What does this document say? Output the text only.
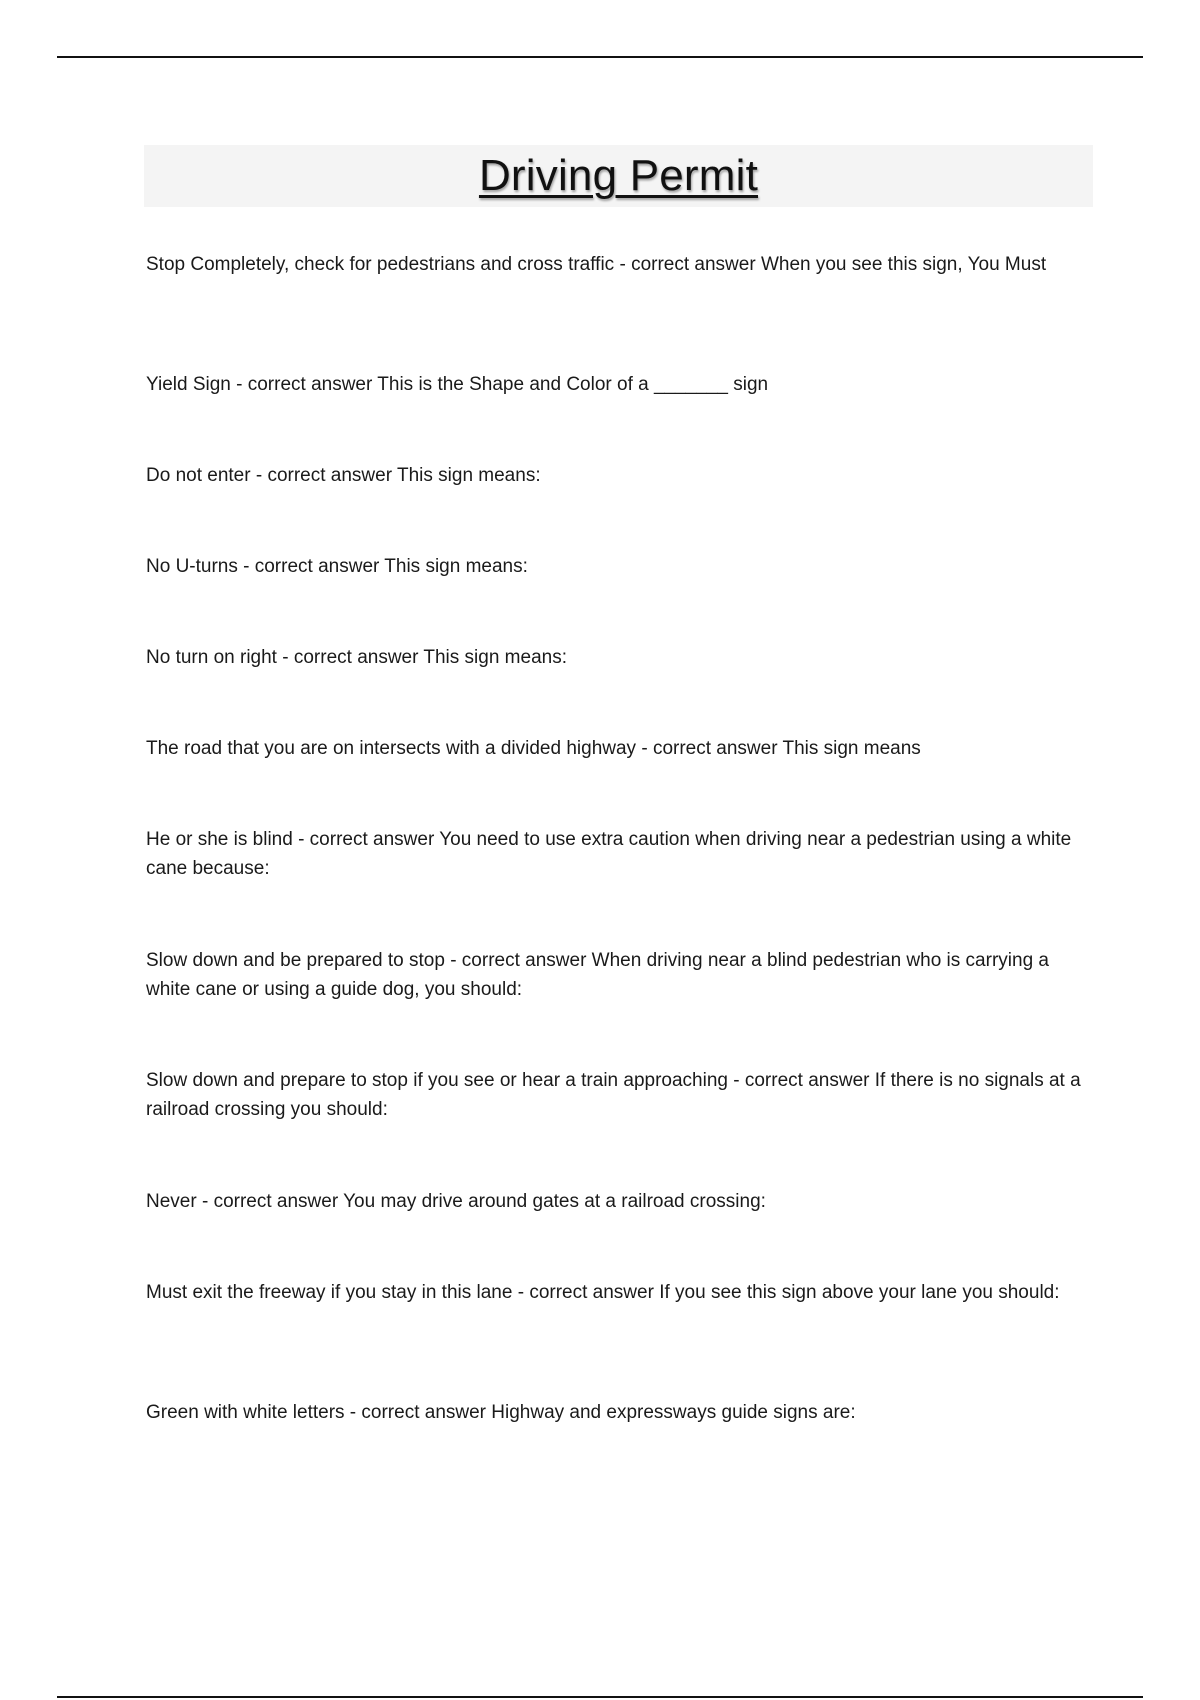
Driving Permit

Stop Completely, check for pedestrians and cross traffic - correct answer When you see this sign, You Must

Yield Sign - correct answer This is the Shape and Color of a _______ sign

Do not enter - correct answer This sign means:

No U-turns - correct answer This sign means:

No turn on right - correct answer This sign means:

The road that you are on intersects with a divided highway - correct answer This sign means

He or she is blind - correct answer You need to use extra caution when driving near a pedestrian using a white cane because:

Slow down and be prepared to stop - correct answer When driving near a blind pedestrian who is carrying a white cane or using a guide dog, you should:

Slow down and prepare to stop if you see or hear a train approaching - correct answer If there is no signals at a railroad crossing you should:

Never - correct answer You may drive around gates at a railroad crossing:

Must exit the freeway if you stay in this lane - correct answer If you see this sign above your lane you should:

Green with white letters - correct answer Highway and expressways guide signs are:
